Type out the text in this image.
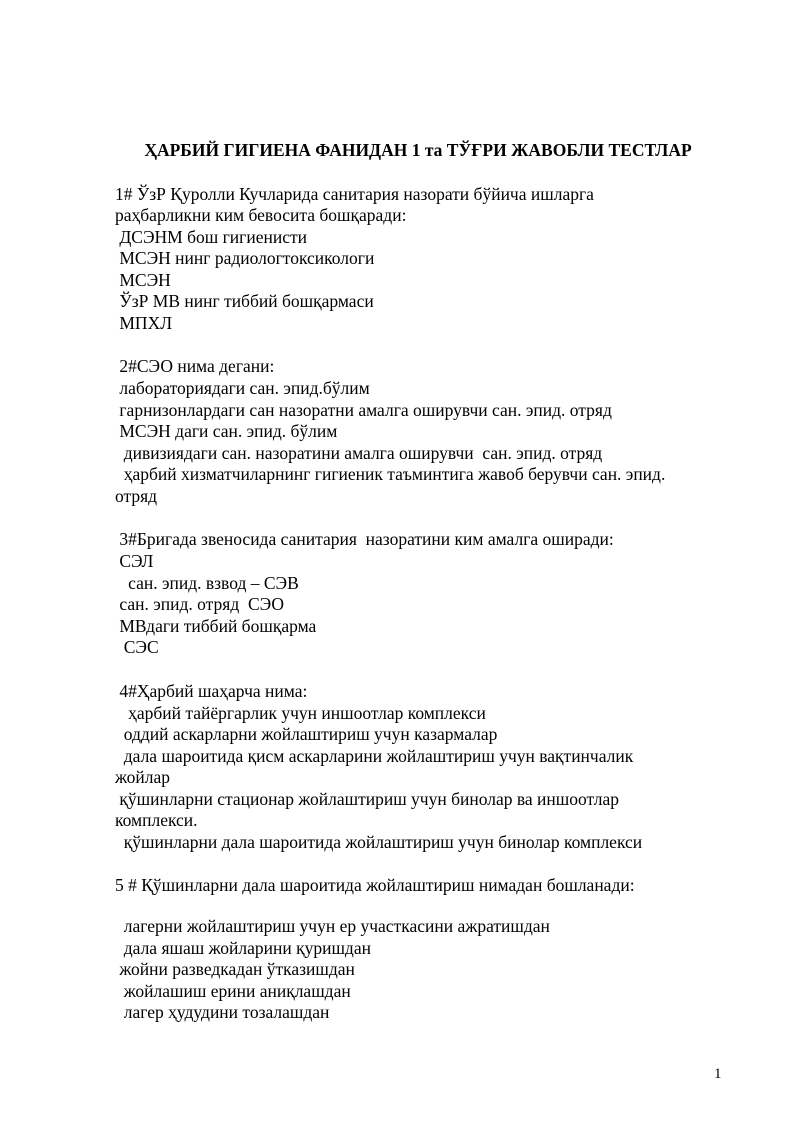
ҲАРБИЙ ГИГИЕНА ФАНИДАН 1 та ТЎҒРИ ЖАВОБЛИ ТЕСТЛАР
1# ЎзР Қуролли Кучларида санитария назорати бўйича ишларга
раҳбарликни ким бевосита бошқаради:
ДСЭНМ бош гигиенисти
МСЭН нинг радиологтоксикологи
МСЭН
ЎзР МВ нинг тиббий бошқармаси
МПХЛ
2#СЭО нима дегани:
лабораториядаги сан. эпид.бўлим
гарнизонлардаги сан назоратни амалга оширувчи сан. эпид. отряд
МСЭН даги сан. эпид. бўлим
дивизиядаги сан. назоратини амалга оширувчи  сан. эпид. отряд
ҳарбий хизматчиларнинг гигиеник таъминтига жавоб берувчи сан. эпид.
отряд
3#Бригада звеносида санитария  назоратини ким амалга оширади:
СЭЛ
сан. эпид. взвод – СЭВ
сан. эпид. отряд  СЭО
МВдаги тиббий бошқарма
СЭС
4#Ҳарбий шаҳарча нима:
ҳарбий тайёргарлик учун иншоотлар комплекси
оддий аскарларни жойлаштириш учун казармалар
дала шароитида қисм аскарларини жойлаштириш учун вақтинчалик
жойлар
қўшинларни стационар жойлаштириш учун бинолар ва иншоотлар
комплекси.
қўшинларни дала шароитида жойлаштириш учун бинолар комплекси
5 # Қўшинларни дала шароитида жойлаштириш нимадан бошланади:
лагерни жойлаштириш учун ер участкасини ажратишдан
дала яшаш жойларини қуришдан
жойни разведкадан ўтказишдан
жойлашиш ерини аниқлашдан
лагер ҳудудини тозалашдан
1
